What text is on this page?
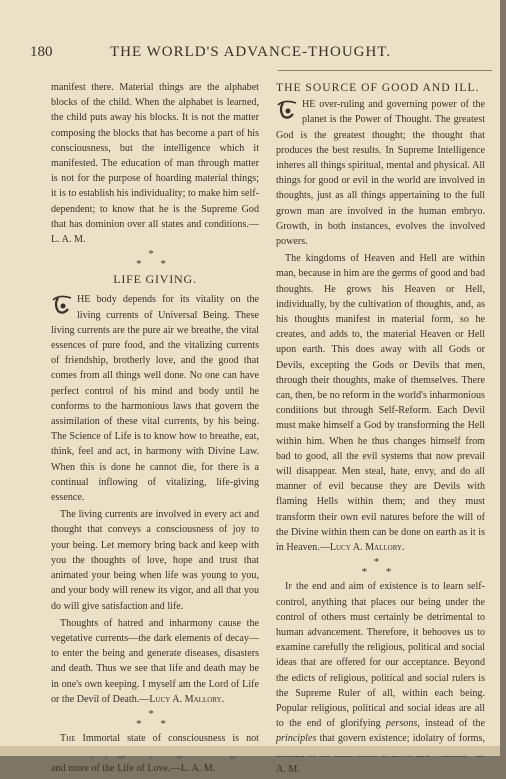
180	THE WORLD'S ADVANCE-THOUGHT.

manifest there. Material things are the alphabet blocks of the child. When the alphabet is learned, the child puts away his blocks. It is not the matter composing the blocks that has become a part of his consciousness, but the intelligence which it manifested. The education of man through matter is not for the purpose of hoarding material things; it is to establish his individuality; to make him self-dependent; to know that he is the Supreme God that has dominion over all states and conditions.—L. A. M.

*
* *
LIFE GIVING.

HE body depends for its vitality on the living currents of Universal Being. These living currents are the pure air we breathe, the vital essences of pure food, and the vitalizing currents of friendship, brotherly love, and the good that comes from all things well done. No one can have perfect control of his mind and body until he conforms to the harmonious laws that govern the assimilation of these vital currents, by his being. The Science of Life is to know how to breathe, eat, think, feel and act, in harmony with Divine Law. When this is done he cannot die, for there is a continual inflowing of vitalizing, life-giving essence.

The living currents are involved in every act and thought that conveys a consciousness of joy to your being. Let memory bring back and keep with you the thoughts of love, hope and trust that animated your being when life was young to you, and your body will renew its vigor, and all that you do will give satisfaction and life.

Thoughts of hatred and inharmony cause the vegetative currents—the dark elements of decay—to enter the being and generate diseases, disasters and death. Thus we see that life and death may be in one's own keeping. I myself am the Lord of Life or the Devil of Death.—Lucy A. Mallory.

*
* *

The Immortal state of consciousness is not and more of the Life of Love.—L. A. M.

THE SOURCE OF GOOD AND ILL.

HE over-ruling and governing power of the planet is the Power of Thought. The greatest God is the greatest thought; the thought that produces the best results. In Supreme Intelligence inheres all things spiritual, mental and physical. All things for good or evil in the world are involved in thoughts, just as all things appertaining to the full grown man are involved in the human embryo. Growth, in both instances, evolves the involved powers.

The kingdoms of Heaven and Hell are within man, because in him are the germs of good and bad thoughts. He grows his Heaven or Hell, individually, by the cultivation of thoughts, and, as his thoughts manifest in material form, so he creates, and adds to, the material Heaven or Hell upon earth. This does away with all Gods or Devils, excepting the Gods or Devils that men, through their thoughts, make of themselves. There can, then, be no reform in the world's inharmonious conditions but through Self-Reform. Each Devil must make himself a God by transforming the Hell within him. When he thus changes himself from bad to good, all the evil systems that now prevail will disappear. Men steal, hate, envy, and do all manner of evil because they are Devils with flaming Hells within them; and they must transform their own evil natures before the will of the Divine within them can be done on earth as it is in Heaven.—Lucy A. Mallory.

*
* *

If the end and aim of existence is to learn self-control, anything that places our being under the control of others must certainly be detrimental to human advancement. Therefore, it behooves us to examine carefully the religious, political and social ideas that are offered for our acceptance. Beyond the edicts of religious, political and social rulers is the Supreme Ruler of all, within each being. Popular religious, political and social ideas are all to the end of glorifying persons, instead of the principles that govern existence; idolatry of forms, A. M.
